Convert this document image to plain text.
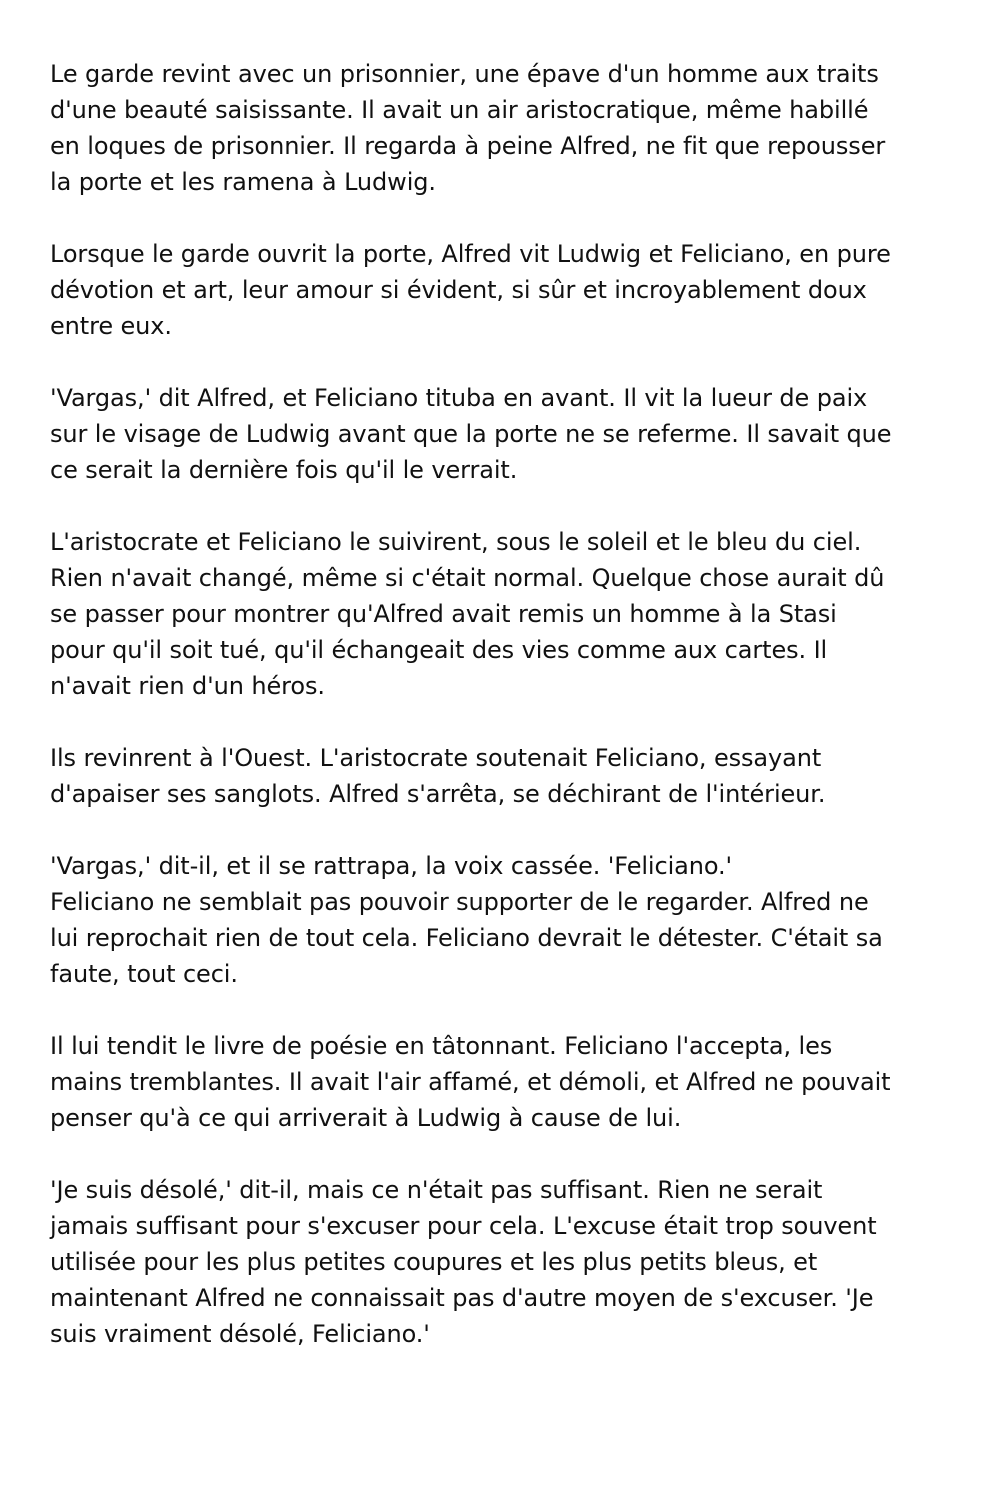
Le garde revint avec un prisonnier, une épave d'un homme aux traits
d'une beauté saisissante. Il avait un air aristocratique, même habillé
en loques de prisonnier. Il regarda à peine Alfred, ne fit que repousser
la porte et les ramena à Ludwig.

Lorsque le garde ouvrit la porte, Alfred vit Ludwig et Feliciano, en pure
dévotion et art, leur amour si évident, si sûr et incroyablement doux
entre eux.

'Vargas,' dit Alfred, et Feliciano tituba en avant. Il vit la lueur de paix
sur le visage de Ludwig avant que la porte ne se referme. Il savait que
ce serait la dernière fois qu'il le verrait.

L'aristocrate et Feliciano le suivirent, sous le soleil et le bleu du ciel.
Rien n'avait changé, même si c'était normal. Quelque chose aurait dû
se passer pour montrer qu'Alfred avait remis un homme à la Stasi
pour qu'il soit tué, qu'il échangeait des vies comme aux cartes. Il
n'avait rien d'un héros.

Ils revinrent à l'Ouest. L'aristocrate soutenait Feliciano, essayant
d'apaiser ses sanglots. Alfred s'arrêta, se déchirant de l'intérieur.

'Vargas,' dit-il, et il se rattrapa, la voix cassée. 'Feliciano.'
Feliciano ne semblait pas pouvoir supporter de le regarder. Alfred ne
lui reprochait rien de tout cela. Feliciano devrait le détester. C'était sa
faute, tout ceci.

Il lui tendit le livre de poésie en tâtonnant. Feliciano l'accepta, les
mains tremblantes. Il avait l'air affamé, et démoli, et Alfred ne pouvait
penser qu'à ce qui arriverait à Ludwig à cause de lui.

'Je suis désolé,' dit-il, mais ce n'était pas suffisant. Rien ne serait
jamais suffisant pour s'excuser pour cela. L'excuse était trop souvent
utilisée pour les plus petites coupures et les plus petits bleus, et
maintenant Alfred ne connaissait pas d'autre moyen de s'excuser. 'Je
suis vraiment désolé, Feliciano.'
